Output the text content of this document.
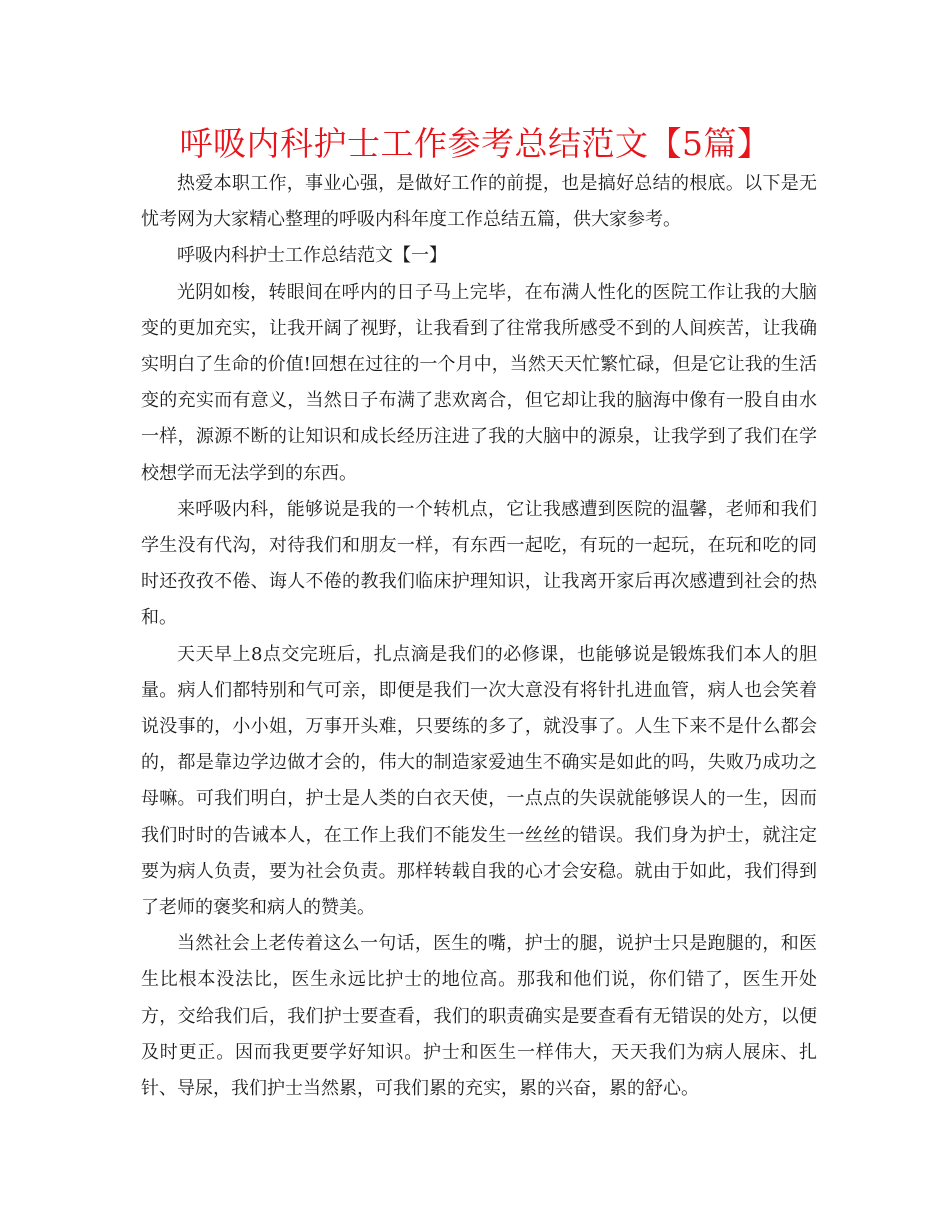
呼吸内科护士工作参考总结范文【5篇】

热爱本职工作，事业心强，是做好工作的前提，也是搞好总结的根底。以下是无忧考网为大家精心整理的呼吸内科年度工作总结五篇，供大家参考。

呼吸内科护士工作总结范文【一】

光阴如梭，转眼间在呼内的日子马上完毕，在布满人性化的医院工作让我的大脑变的更加充实，让我开阔了视野，让我看到了往常我所感受不到的人间疾苦，让我确实明白了生命的价值!回想在过往的一个月中，当然天天忙繁忙碌，但是它让我的生活变的充实而有意义，当然日子布满了悲欢离合，但它却让我的脑海中像有一股自由水一样，源源不断的让知识和成长经历注进了我的大脑中的源泉，让我学到了我们在学校想学而无法学到的东西。

来呼吸内科，能够说是我的一个转机点，它让我感遭到医院的温馨，老师和我们学生没有代沟，对待我们和朋友一样，有东西一起吃，有玩的一起玩，在玩和吃的同时还孜孜不倦、诲人不倦的教我们临床护理知识，让我离开家后再次感遭到社会的热和。

天天早上8点交完班后，扎点滴是我们的必修课，也能够说是锻炼我们本人的胆量。病人们都特别和气可亲，即便是我们一次大意没有将针扎进血管，病人也会笑着说没事的，小小姐，万事开头难，只要练的多了，就没事了。人生下来不是什么都会的，都是靠边学边做才会的，伟大的制造家爱迪生不确实是如此的吗，失败乃成功之母嘛。可我们明白，护士是人类的白衣天使，一点点的失误就能够误人的一生，因而我们时时的告诫本人，在工作上我们不能发生一丝丝的错误。我们身为护士，就注定要为病人负责，要为社会负责。那样转载自我的心才会安稳。就由于如此，我们得到了老师的褒奖和病人的赞美。

当然社会上老传着这么一句话，医生的嘴，护士的腿，说护士只是跑腿的，和医生比根本没法比，医生永远比护士的地位高。那我和他们说，你们错了，医生开处方，交给我们后，我们护士要查看，我们的职责确实是要查看有无错误的处方，以便及时更正。因而我更要学好知识。护士和医生一样伟大，天天我们为病人展床、扎针、导尿，我们护士当然累，可我们累的充实，累的兴奋，累的舒心。
